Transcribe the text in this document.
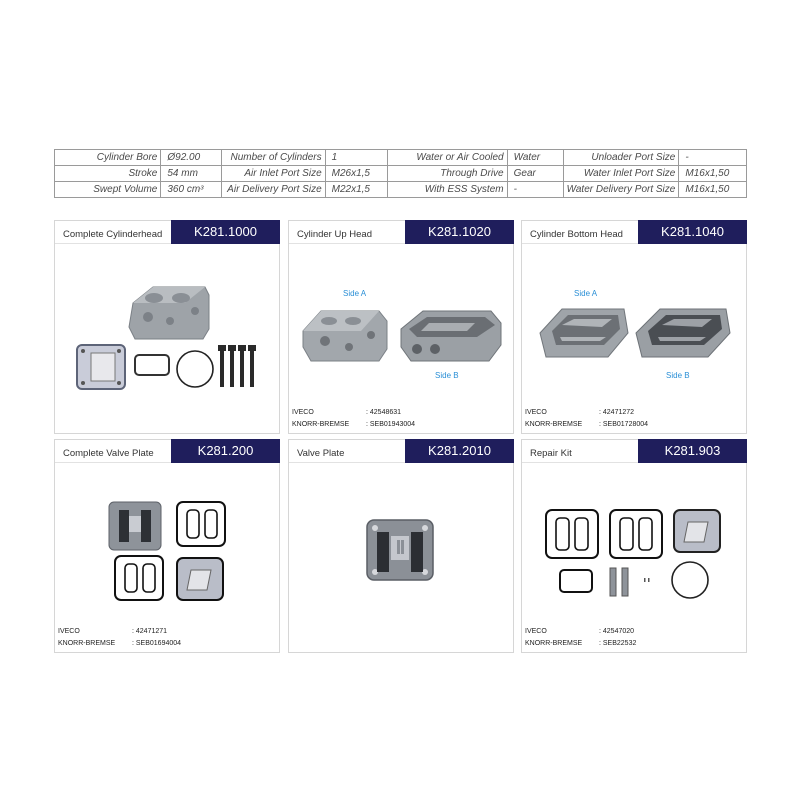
Cylinder Bore	Ø92.00	Number of Cylinders	1	Water or Air Cooled	Water	Unloader Port Size	-
Stroke	54 mm	Air Inlet Port Size	M26x1,5	Through Drive	Gear	Water Inlet Port Size	M16x1,50
Swept Volume	360 cm³	Air Delivery Port Size	M22x1,5	With ESS System	-	Water Delivery Port Size	M16x1,50
Complete Cylinderhead	K281.1000	Cylinder Up Head	K281.1020
Side A
Side B
IVECO	: 42548631
KNORR-BREMSE : SEB01943004
Cylinder Bottom Head	K281.1040
Side A
Side B
IVECO	: 42471272
KNORR-BREMSE : SEB01728004
Complete Valve Plate	K281.200
IVECO	: 42471271
KNORR-BREMSE : SEB01694004
Valve Plate	K281.2010	Repair Kit	K281.903
IVECO	: 42547020
KNORR-BREMSE : SEB22532
